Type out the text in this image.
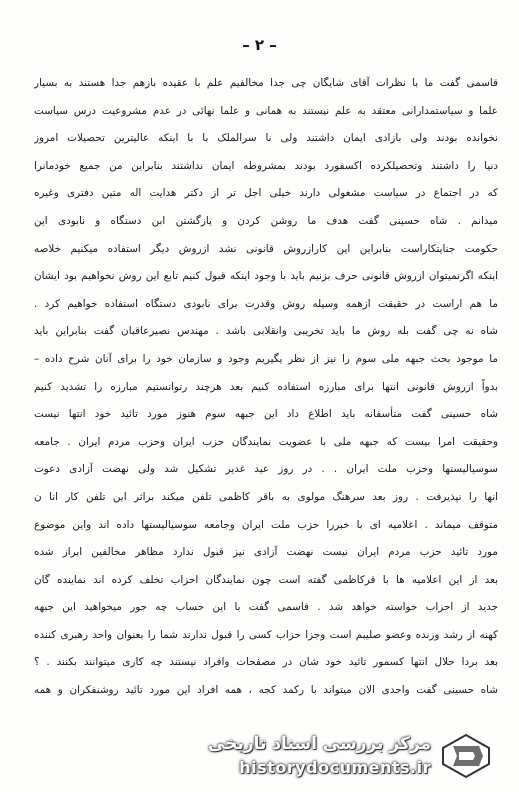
– ۲ –
قاسمی گفت ما با نظرات آقای شایگان چی جدا مخالفیم علم با عقیده بازهم جدا هستند به بسیار
علما و سیاستمدارانی معتقد به علم نیستند به همانی و علما نهائی در عدم مشروعیت درس سیاست
نخوانده بودند ولی بازادی ایمان داشتند ولی نا سرالملک با با اینکه عالیترین تحصیلات امروز
دنیا را داشتند وتحصیلکرده اکسفورد بودند بمشروطه ایمان نداشتند بنابراین من جمیع خودمانرا
که در اجتماع در سیاست مشغولی دارند خیلی اجل تر از دکتر هدایت اله متین دفتری وغیره
میدانم . شاه حسینی گفت هدف ما روشن کردن و یازگشتن ابن دستگاه و نابودی این
حکومت جنایتکاراست بنابراین این کارازروش قانونی نشد ازروش دیگر استفاده میکنیم خلاصه
اینکه اگرنمیتوان ازروش قانونی حرف بزنیم باید با وجود اینکه قبول کنیم تابع این روش نخواهیم بود ایشان
ما هم اراست در حقیقت ازهمه وسیله روش وقدرت برای نابودی دستگاه استفاده خواهیم کرد .
شاه نه چی گفت بله روش ما باید تخریبی وانقلابی باشد . مهندس نصیرعاقبان گفت بنابراین باید
ما موجود بحث جبهه ملی سوم را نیز از نظر یگیریم وجود و سازمان خود را برای آنان شرح داده –
بدواً ازروش قانونی انتها برای مبارزه استفاده کنیم بعد هرچند رتوانستیم مبارزه را تشدید کنیم
شاه حسینی گفت متأسفانه باید اطلاع داد این جبهه سوم هنوز مورد تائید خود انتها نیست
وحقیقت امرا بیست که جبهه ملی با عضویت نمایندگان حزب ایران وحزب مردم ایران . جامعه
سوسیالیستها وحزب ملت ایران . . در روز عید غدیر تشکیل شد ولی نهضت آزادی دعوت
انها را نپذیرفت . روز بعد سرهنگ مولوی به باقر کاظمی تلفن میکند براثر این تلفن کار انا ن
متوقف میماند . اعلامیه ای با خبررا حزب ملت ایران وجامعه سوسیالیستها داده اند واین موضوع
مورد تائید حزب مردم ایران نیست نهضت آزادی نیز قبول ندارد مظاهر مخالفین ابراز شده
بعد از این اعلامیه ها با قرکاظمی گفته است چون نمایندگان احزاب تخلف کرده اند نماینده گان
جدید از احزاب خواسته خواهد شد . قاسمی گفت با این حساب چه جور میخواهید این جبهه
کهنه از رشد وزنده وعضو صلیبم است وجزا حزاب کسی را قبول ندارند شما را بعنوان واحد رهبری کننده
بعد بردا حلال انتها کسمور تائید خود شان در مصفحات وافراد نیستند چه کاری میتوانند بکنند . ؟
شاه حسینی گفت واحدی الان میتواند با رکمد کجه ، همه افراد این مورد تائید روشنفکران و همه
مرکز بررسی اسناد تاریخی
historydocuments.ir
